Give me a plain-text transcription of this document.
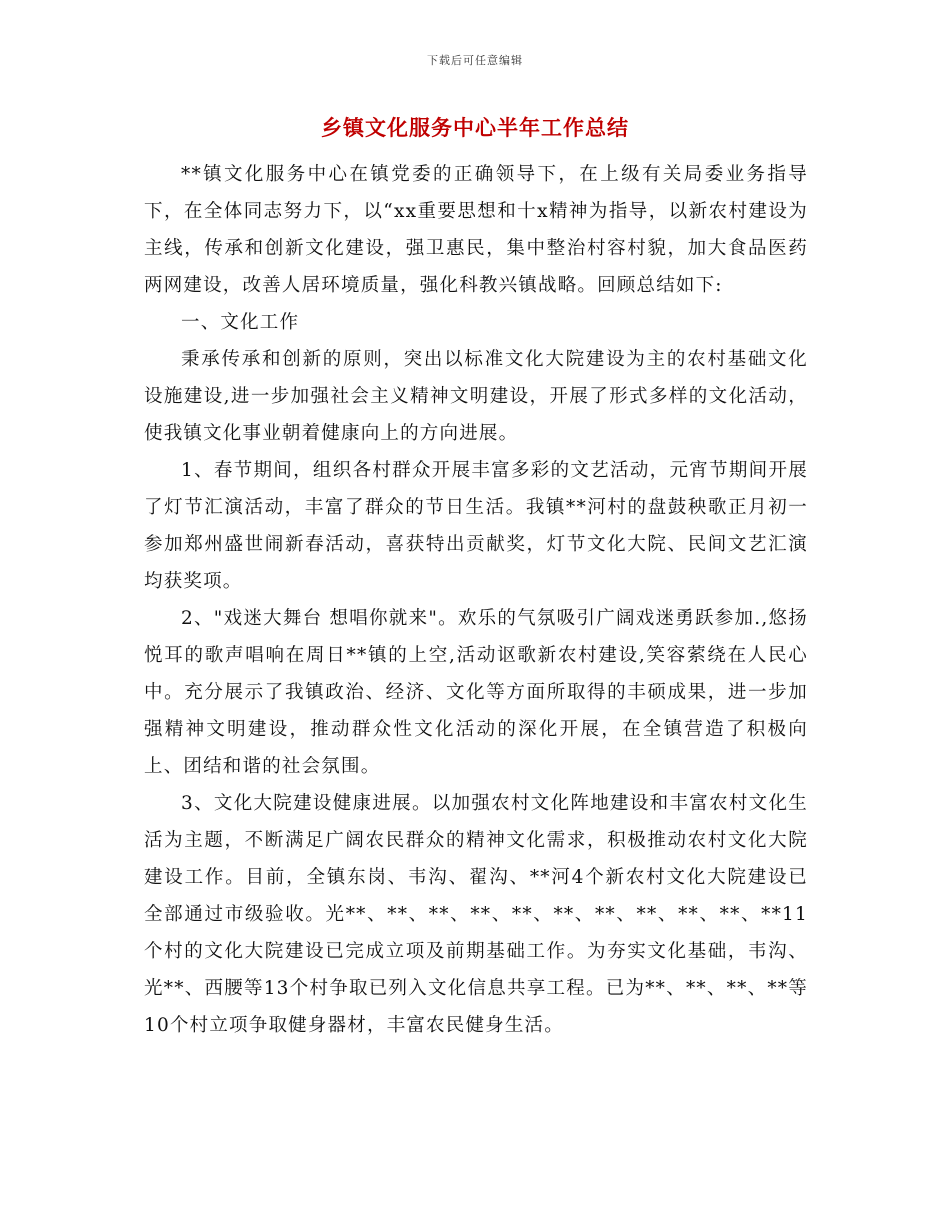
下载后可任意编辑
乡镇文化服务中心半年工作总结

**镇文化服务中心在镇党委的正确领导下，在上级有关局委业务指导下，在全体同志努力下，以“xx重要思想和十x精神为指导，以新农村建设为主线，传承和创新文化建设，强卫惠民，集中整治村容村貌，加大食品医药两网建设，改善人居环境质量，强化科教兴镇战略。回顾总结如下:

一、文化工作

秉承传承和创新的原则，突出以标准文化大院建设为主的农村基础文化设施建设,进一步加强社会主义精神文明建设，开展了形式多样的文化活动，使我镇文化事业朝着健康向上的方向进展。

1、春节期间，组织各村群众开展丰富多彩的文艺活动，元宵节期间开展了灯节汇演活动，丰富了群众的节日生活。我镇**河村的盘鼓秧歌正月初一参加郑州盛世闹新春活动，喜获特出贡献奖，灯节文化大院、民间文艺汇演均获奖项。

2、"戏迷大舞台 想唱你就来"。欢乐的气氛吸引广阔戏迷勇跃参加.,悠扬悦耳的歌声唱响在周日**镇的上空,活动讴歌新农村建设,笑容萦绕在人民心中。充分展示了我镇政治、经济、文化等方面所取得的丰硕成果，进一步加强精神文明建设，推动群众性文化活动的深化开展，在全镇营造了积极向上、团结和谐的社会氛围。

3、文化大院建设健康进展。以加强农村文化阵地建设和丰富农村文化生活为主题，不断满足广阔农民群众的精神文化需求，积极推动农村文化大院建设工作。目前，全镇东岗、韦沟、翟沟、**河4个新农村文化大院建设已全部通过市级验收。光**、**、**、**、**、**、**、**、**、**、**11个村的文化大院建设已完成立项及前期基础工作。为夯实文化基础，韦沟、光**、西腰等13个村争取已列入文化信息共享工程。已为**、**、**、**等10个村立项争取健身器材，丰富农民健身生活。
